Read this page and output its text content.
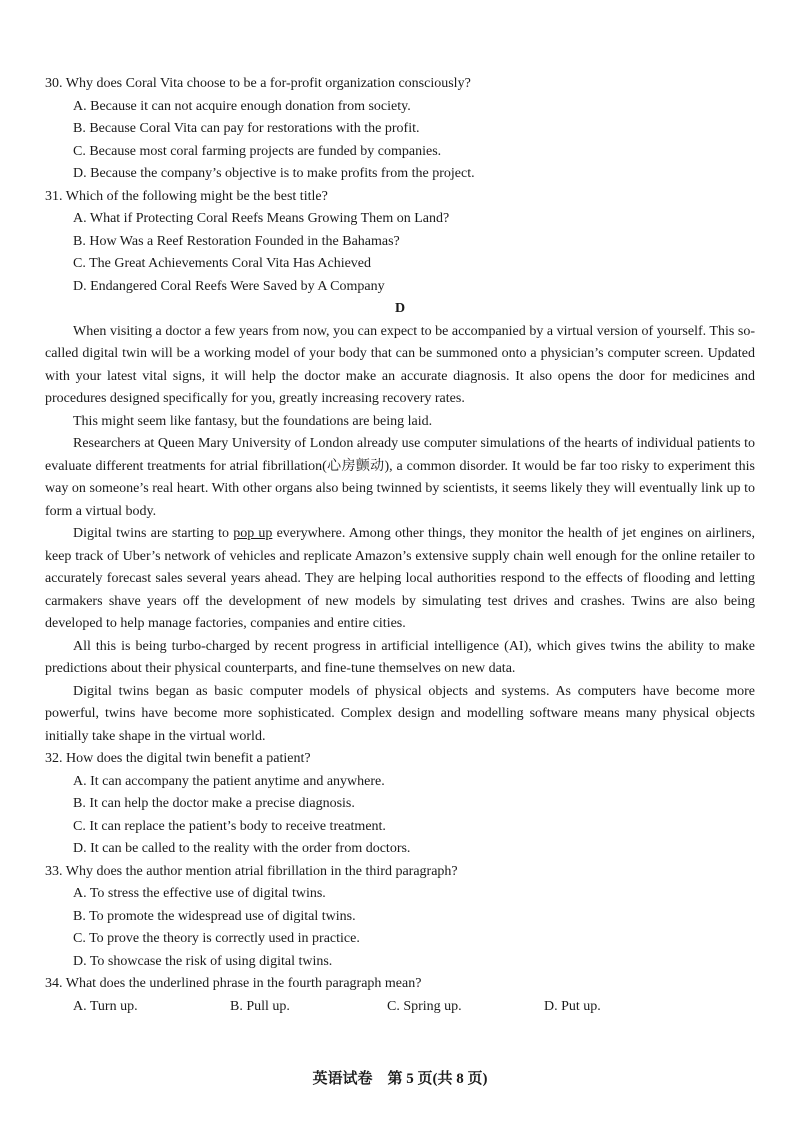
30. Why does Coral Vita choose to be a for-profit organization consciously?

A. Because it can not acquire enough donation from society.

B. Because Coral Vita can pay for restorations with the profit.

C. Because most coral farming projects are funded by companies.

D. Because the company’s objective is to make profits from the project.

31. Which of the following might be the best title?

A. What if Protecting Coral Reefs Means Growing Them on Land?

B. How Was a Reef Restoration Founded in the Bahamas?

C. The Great Achievements Coral Vita Has Achieved

D. Endangered Coral Reefs Were Saved by A Company

D

When visiting a doctor a few years from now, you can expect to be accompanied by a virtual version of yourself. This so-called digital twin will be a working model of your body that can be summoned onto a physician’s computer screen. Updated with your latest vital signs, it will help the doctor make an accurate diagnosis. It also opens the door for medicines and procedures designed specifically for you, greatly increasing recovery rates.

This might seem like fantasy, but the foundations are being laid.

Researchers at Queen Mary University of London already use computer simulations of the hearts of individual patients to evaluate different treatments for atrial fibrillation(心房颤动), a common disorder. It would be far too risky to experiment this way on someone’s real heart. With other organs also being twinned by scientists, it seems likely they will eventually link up to form a virtual body.

Digital twins are starting to pop up everywhere. Among other things, they monitor the health of jet engines on airliners, keep track of Uber’s network of vehicles and replicate Amazon’s extensive supply chain well enough for the online retailer to accurately forecast sales several years ahead. They are helping local authorities respond to the effects of flooding and letting carmakers shave years off the development of new models by simulating test drives and crashes. Twins are also being developed to help manage factories, companies and entire cities.

All this is being turbo-charged by recent progress in artificial intelligence (AI), which gives twins the ability to make predictions about their physical counterparts, and fine-tune themselves on new data.

Digital twins began as basic computer models of physical objects and systems. As computers have become more powerful, twins have become more sophisticated. Complex design and modelling software means many physical objects initially take shape in the virtual world.

32. How does the digital twin benefit a patient?

A. It can accompany the patient anytime and anywhere.

B. It can help the doctor make a precise diagnosis.

C. It can replace the patient’s body to receive treatment.

D. It can be called to the reality with the order from doctors.

33. Why does the author mention atrial fibrillation in the third paragraph?

A. To stress the effective use of digital twins.

B. To promote the widespread use of digital twins.

C. To prove the theory is correctly used in practice.

D. To showcase the risk of using digital twins.

34. What does the underlined phrase in the fourth paragraph mean?

A. Turn up.	B. Pull up.	C. Spring up.	D. Put up.
英语试卷　第 5 页(共 8 页)
